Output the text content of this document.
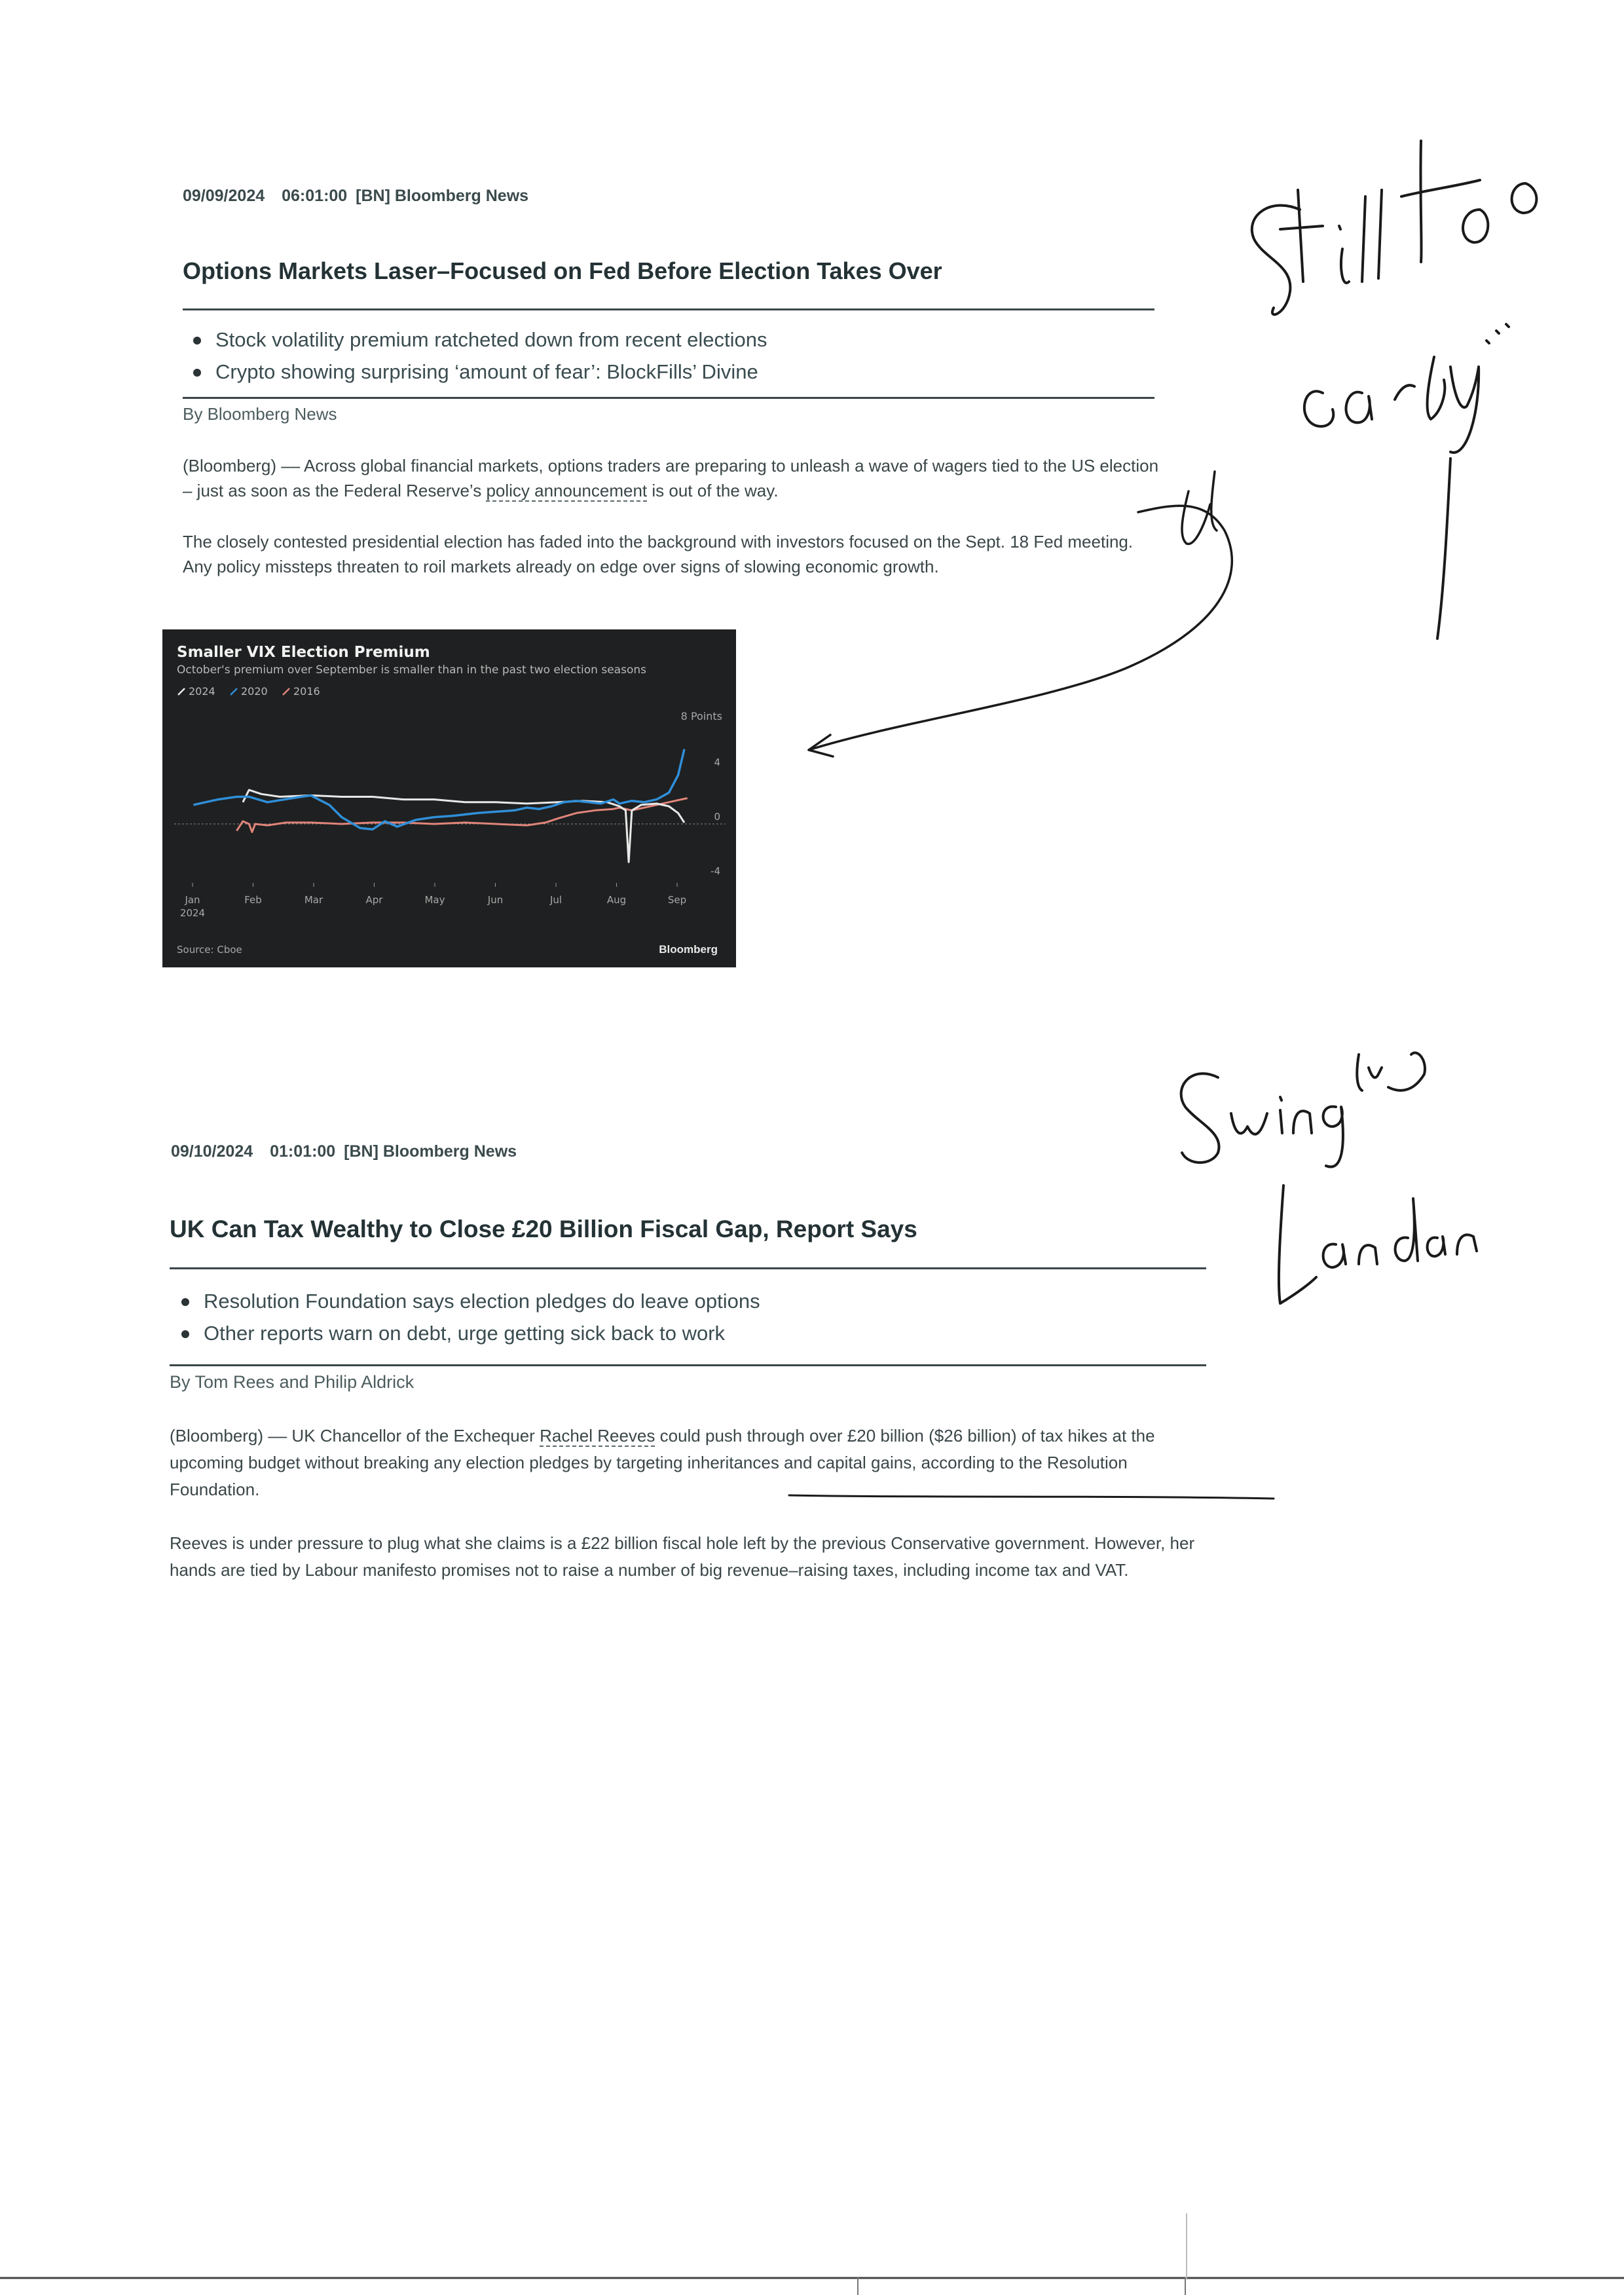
09/09/2024 06:01:00 [BN] Bloomberg News
Options Markets Laser–Focused on Fed Before Election Takes Over
Stock volatility premium ratcheted down from recent elections
Crypto showing surprising ‘amount of fear’: BlockFills’ Divine
By Bloomberg News
(Bloomberg) –– Across global financial markets, options traders are preparing to unleash a wave of wagers tied to the US election – just as soon as the Federal Reserve’s policy announcement is out of the way.
The closely contested presidential election has faded into the background with investors focused on the Sept. 18 Fed meeting. Any policy missteps threaten to roil markets already on edge over signs of slowing economic growth.
Smaller VIX Election Premium
October's premium over September is smaller than in the past two election seasons
2024 2020 2016
8 Points
4
0
-4
Jan
2024
Feb	Mar	Apr	May	Jun	Jul	Aug	Sep
Source: Cboe	Bloomberg
09/10/2024 01:01:00 [BN] Bloomberg News
UK Can Tax Wealthy to Close £20 Billion Fiscal Gap, Report Says
Resolution Foundation says election pledges do leave options
Other reports warn on debt, urge getting sick back to work
By Tom Rees and Philip Aldrick
(Bloomberg) –– UK Chancellor of the Exchequer Rachel Reeves could push through over £20 billion ($26 billion) of tax hikes at the upcoming budget without breaking any election pledges by targeting inheritances and capital gains, according to the Resolution Foundation.
Reeves is under pressure to plug what she claims is a £22 billion fiscal hole left by the previous Conservative government. However, her hands are tied by Labour manifesto promises not to raise a number of big revenue–raising taxes, including income tax and VAT.
